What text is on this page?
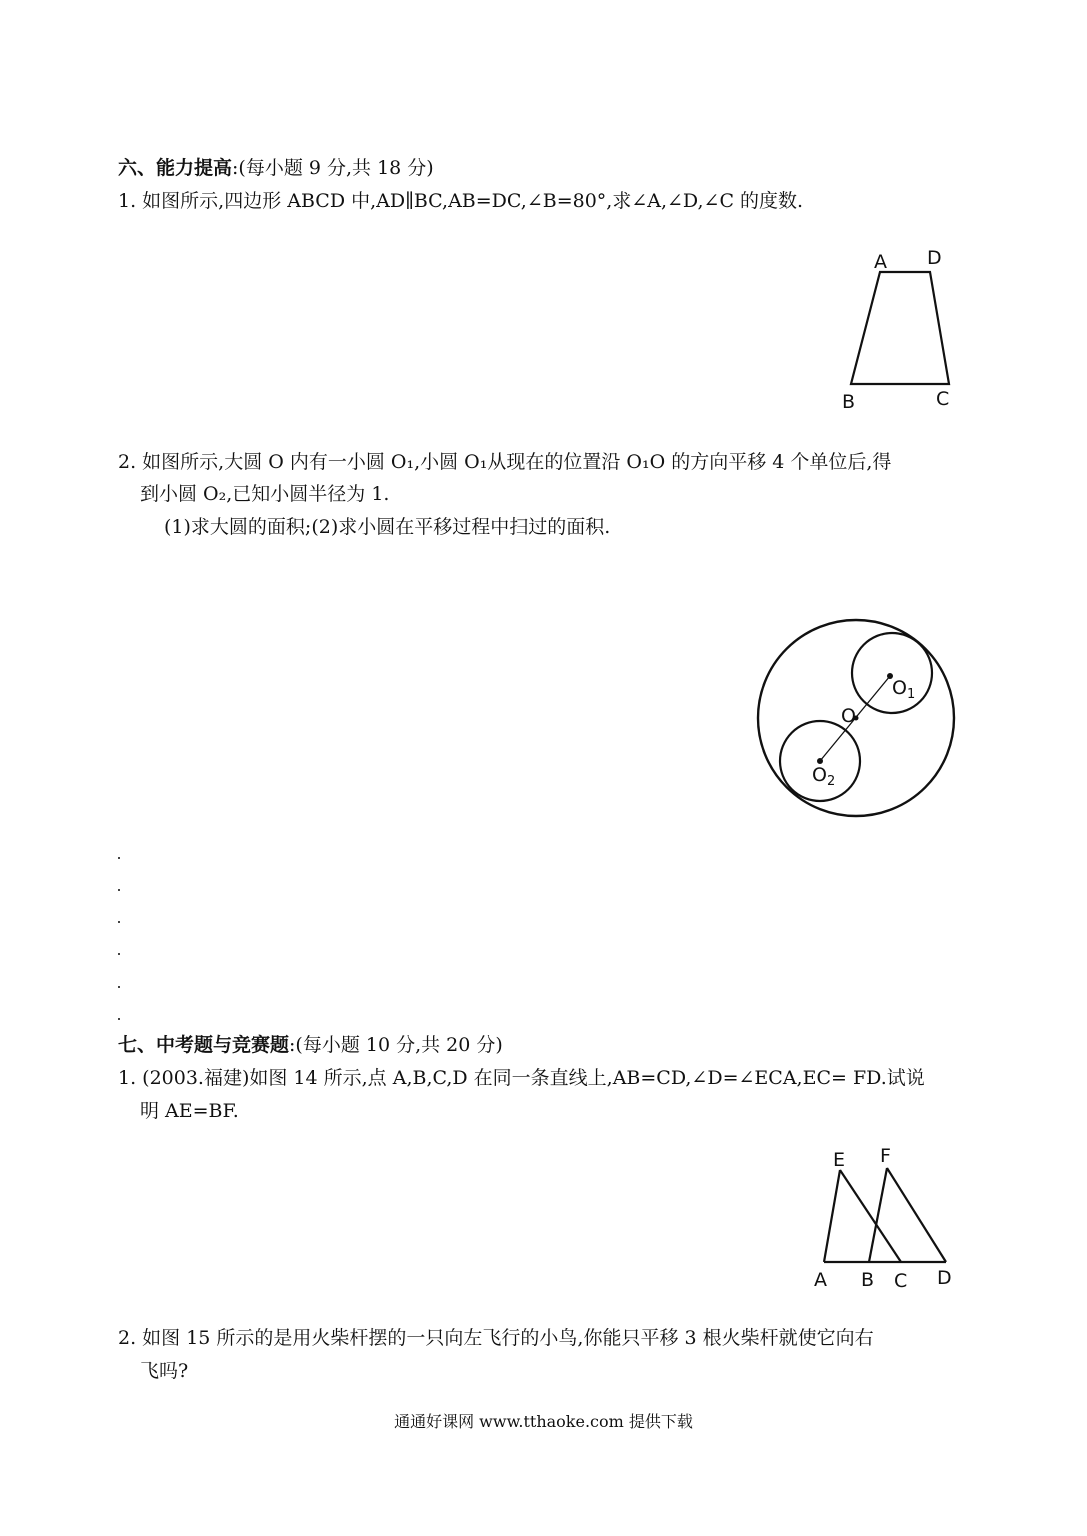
六、能力提高:(每小题 9 分,共 18 分)
1. 如图所示,四边形 ABCD 中,AD∥BC,AB=DC,∠B=80°,求∠A,∠D,∠C 的度数.
A D
B	C
2. 如图所示,大圆 O 内有一小圆 O₁,小圆 O₁从现在的位置沿 O₁O 的方向平移 4 个单位后,得
到小圆 O₂,已知小圆半径为 1.
(1)求大圆的面积;(2)求小圆在平移过程中扫过的面积.
$O_1$
O
$O_2$
七、中考题与竞赛题:(每小题 10 分,共 20 分)
1. (2003.福建)如图 14 所示,点 A,B,C,D 在同一条直线上,AB=CD,∠D=∠ECA,EC= FD.试说
明 AE=BF.
E F
A B C D
2. 如图 15 所示的是用火柴杆摆的一只向左飞行的小鸟,你能只平移 3 根火柴杆就使它向右
飞吗?
通通好课网 www.tthaoke.com 提供下载
